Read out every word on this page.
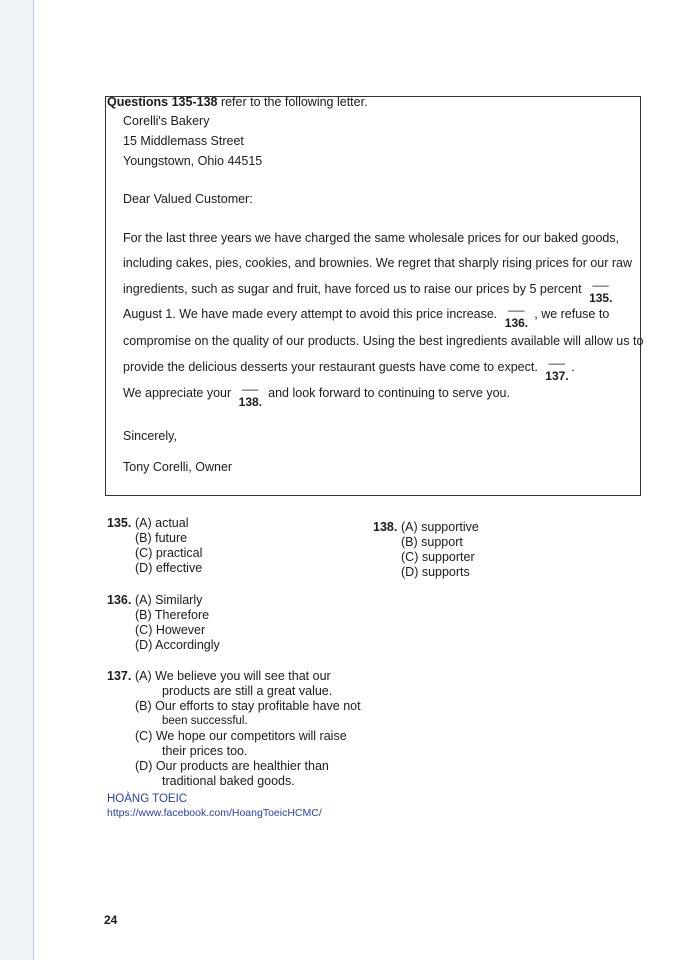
Questions 135-138 refer to the following letter.
Corelli's Bakery
15 Middlemass Street
Youngstown, Ohio 44515
Dear Valued Customer:
For the last three years we have charged the same wholesale prices for our baked goods,
including cakes, pies, cookies, and brownies. We regret that sharply rising prices for our raw
ingredients, such as sugar and fruit, have forced us to raise our prices by 5 percent -------
135.
August 1. We have made every attempt to avoid this price increase. -------
136.
, we refuse to
compromise on the quality of our products. Using the best ingredients available will allow us to
provide the delicious desserts your restaurant guests have come to expect. -------
137.
.
We appreciate your -------
138.
and look forward to continuing to serve you.
Sincerely,
Tony Corelli, Owner
135. (A) actual
(B) future
(C) practical
(D) effective
136. (A) Similarly
(B) Therefore
(C) However
(D) Accordingly
137. (A) We believe you will see that our
products are still a great value.
(B) Our efforts to stay profitable have not
been successful.
(C) We hope our competitors will raise
their prices too.
(D) Our products are healthier than
traditional baked goods.
138. (A) supportive
(B) support
(C) supporter
(D) supports
HOÀNG TOEIC
https://www.facebook.com/HoangToeicHCMC/
24
